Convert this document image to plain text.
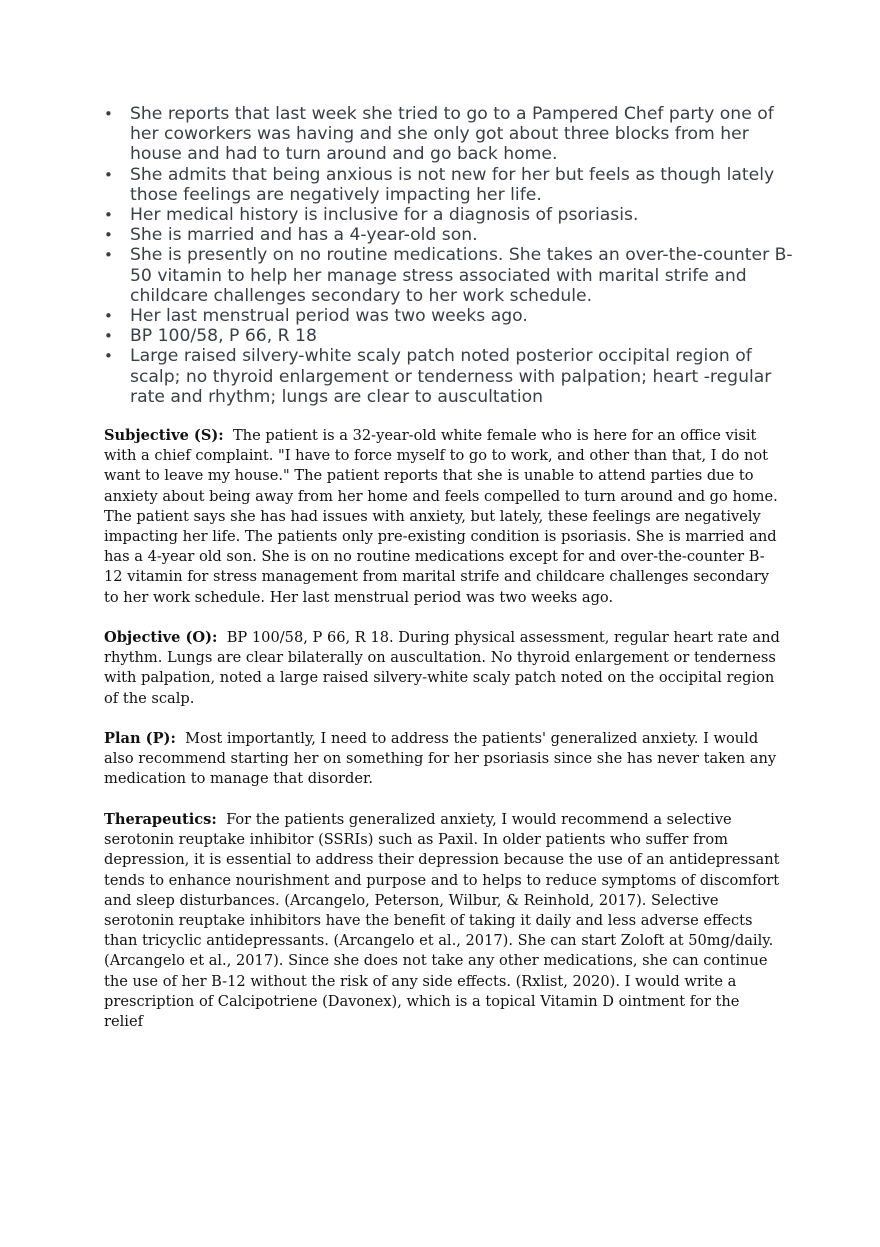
• She reports that last week she tried to go to a Pampered Chef party one of her coworkers was having and she only got about three blocks from her house and had to turn around and go back home.
• She admits that being anxious is not new for her but feels as though lately those feelings are negatively impacting her life.
• Her medical history is inclusive for a diagnosis of psoriasis.
• She is married and has a 4-year-old son.
• She is presently on no routine medications. She takes an over-the-counter B-50 vitamin to help her manage stress associated with marital strife and childcare challenges secondary to her work schedule.
• Her last menstrual period was two weeks ago.
• BP 100/58, P 66, R 18
• Large raised silvery-white scaly patch noted posterior occipital region of scalp; no thyroid enlargement or tenderness with palpation; heart -regular rate and rhythm; lungs are clear to auscultation

Subjective (S): The patient is a 32-year-old white female who is here for an office visit with a chief complaint. "I have to force myself to go to work, and other than that, I do not want to leave my house." The patient reports that she is unable to attend parties due to anxiety about being away from her home and feels compelled to turn around and go home. The patient says she has had issues with anxiety, but lately, these feelings are negatively impacting her life. The patients only pre-existing condition is psoriasis. She is married and has a 4-year old son. She is on no routine medications except for and over-the-counter B-12 vitamin for stress management from marital strife and childcare challenges secondary to her work schedule. Her last menstrual period was two weeks ago.

Objective (O): BP 100/58, P 66, R 18. During physical assessment, regular heart rate and rhythm. Lungs are clear bilaterally on auscultation. No thyroid enlargement or tenderness with palpation, noted a large raised silvery-white scaly patch noted on the occipital region of the scalp.

Plan (P): Most importantly, I need to address the patients' generalized anxiety. I would also recommend starting her on something for her psoriasis since she has never taken any medication to manage that disorder.

Therapeutics: For the patients generalized anxiety, I would recommend a selective serotonin reuptake inhibitor (SSRIs) such as Paxil. In older patients who suffer from depression, it is essential to address their depression because the use of an antidepressant tends to enhance nourishment and purpose and to helps to reduce symptoms of discomfort and sleep disturbances. (Arcangelo, Peterson, Wilbur, & Reinhold, 2017). Selective serotonin reuptake inhibitors have the benefit of taking it daily and less adverse effects than tricyclic antidepressants. (Arcangelo et al., 2017). She can start Zoloft at 50mg/daily. (Arcangelo et al., 2017). Since she does not take any other medications, she can continue the use of her B-12 without the risk of any side effects. (Rxlist, 2020). I would write a prescription of Calcipotriene (Davonex), which is a topical Vitamin D ointment for the relief
